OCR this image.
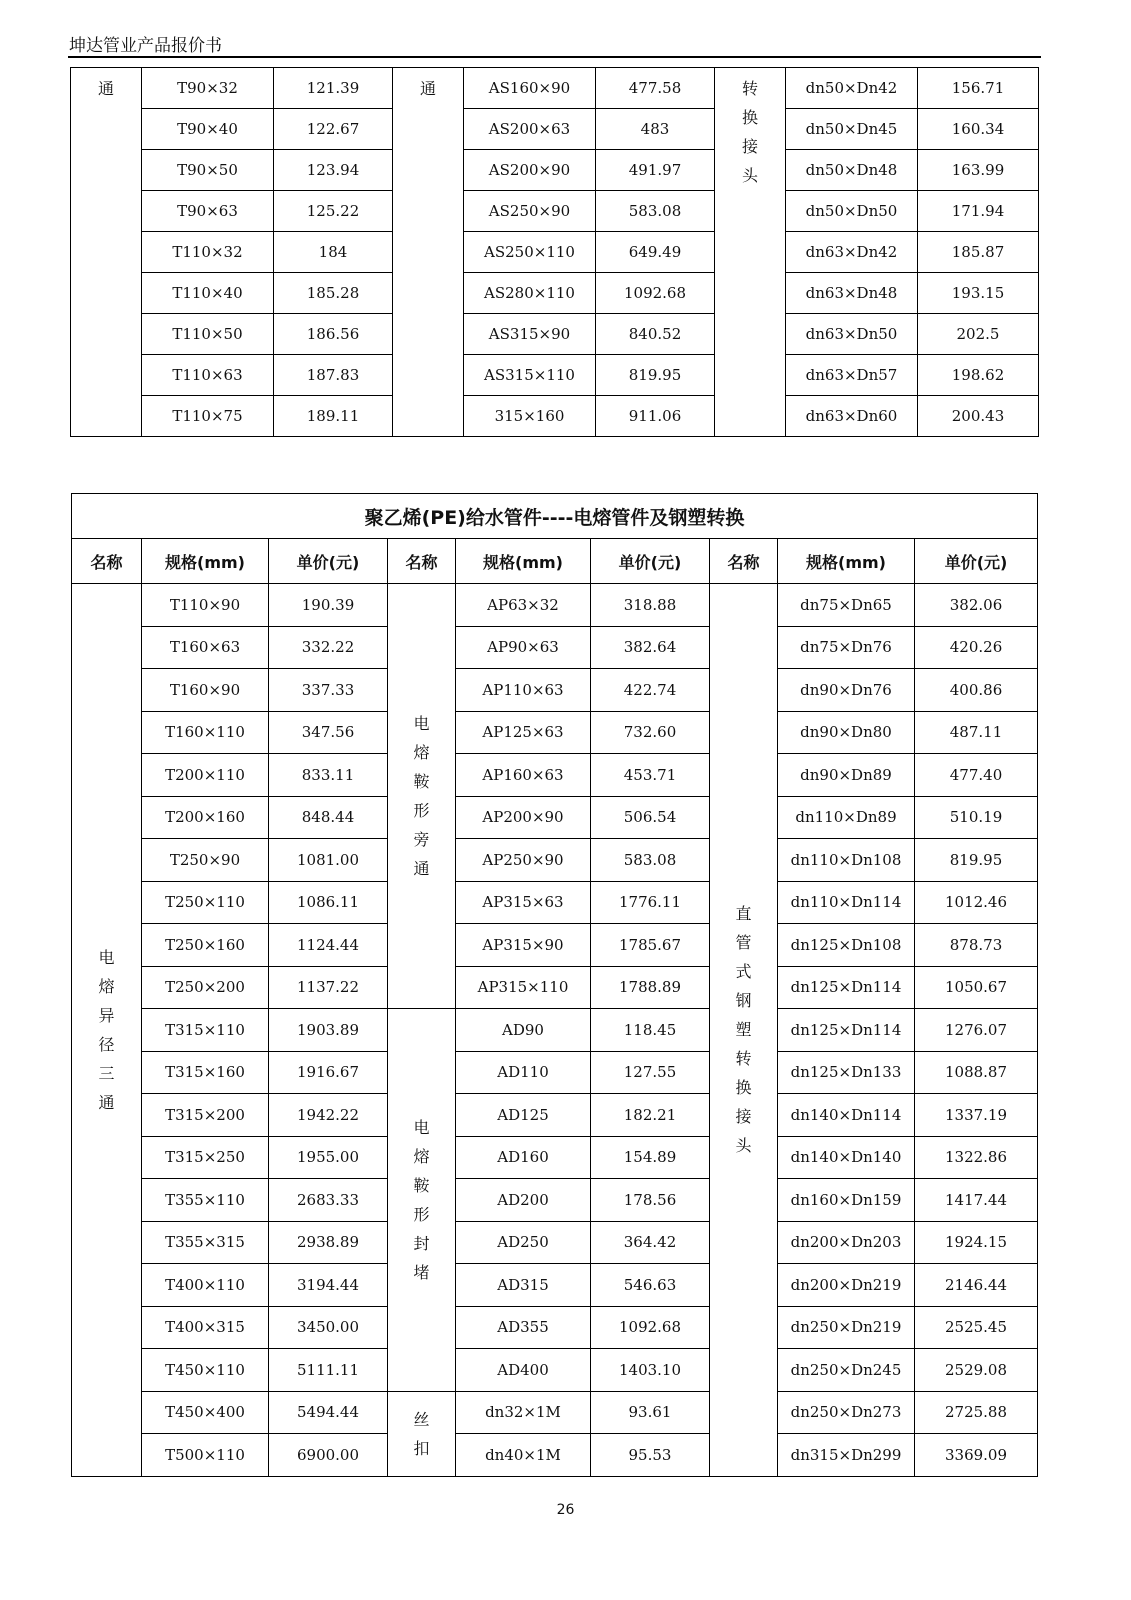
坤达管业产品报价书
通	T90×32	121.39	通	AS160×90	477.58	转换接头	dn50×Dn42	156.71
	T90×40	122.67		AS200×63	483		dn50×Dn45	160.34
	T90×50	123.94		AS200×90	491.97		dn50×Dn48	163.99
	T90×63	125.22		AS250×90	583.08		dn50×Dn50	171.94
	T110×32	184		AS250×110	649.49		dn63×Dn42	185.87
	T110×40	185.28		AS280×110	1092.68		dn63×Dn48	193.15
	T110×50	186.56		AS315×90	840.52		dn63×Dn50	202.5
	T110×63	187.83		AS315×110	819.95		dn63×Dn57	198.62
	T110×75	189.11		315×160	911.06		dn63×Dn60	200.43
聚乙烯(PE)给水管件----电熔管件及钢塑转换								
名称	规格(mm)	单价(元)	名称	规格(mm)	单价(元)	名称	规格(mm)	单价(元)
电熔异径三通	T110×90	190.39	电熔鞍形旁通	AP63×32	318.88	直管式钢塑转换接头	dn75×Dn65	382.06
	T160×63	332.22		AP90×63	382.64		dn75×Dn76	420.26
	T160×90	337.33		AP110×63	422.74		dn90×Dn76	400.86
	T160×110	347.56		AP125×63	732.60		dn90×Dn80	487.11
	T200×110	833.11		AP160×63	453.71		dn90×Dn89	477.40
	T200×160	848.44		AP200×90	506.54		dn110×Dn89	510.19
	T250×90	1081.00		AP250×90	583.08		dn110×Dn108	819.95
	T250×110	1086.11		AP315×63	1776.11		dn110×Dn114	1012.46
	T250×160	1124.44		AP315×90	1785.67		dn125×Dn108	878.73
	T250×200	1137.22		AP315×110	1788.89		dn125×Dn114	1050.67
	T315×110	1903.89	电熔鞍形封堵	AD90	118.45		dn125×Dn114	1276.07
	T315×160	1916.67		AD110	127.55		dn125×Dn133	1088.87
	T315×200	1942.22		AD125	182.21		dn140×Dn114	1337.19
	T315×250	1955.00		AD160	154.89		dn140×Dn140	1322.86
	T355×110	2683.33		AD200	178.56		dn160×Dn159	1417.44
	T355×315	2938.89		AD250	364.42		dn200×Dn203	1924.15
	T400×110	3194.44		AD315	546.63		dn200×Dn219	2146.44
	T400×315	3450.00		AD355	1092.68		dn250×Dn219	2525.45
	T450×110	5111.11		AD400	1403.10		dn250×Dn245	2529.08
	T450×400	5494.44	丝扣	dn32×1M	93.61		dn250×Dn273	2725.88
	T500×110	6900.00		dn40×1M	95.53		dn315×Dn299	3369.09
26
